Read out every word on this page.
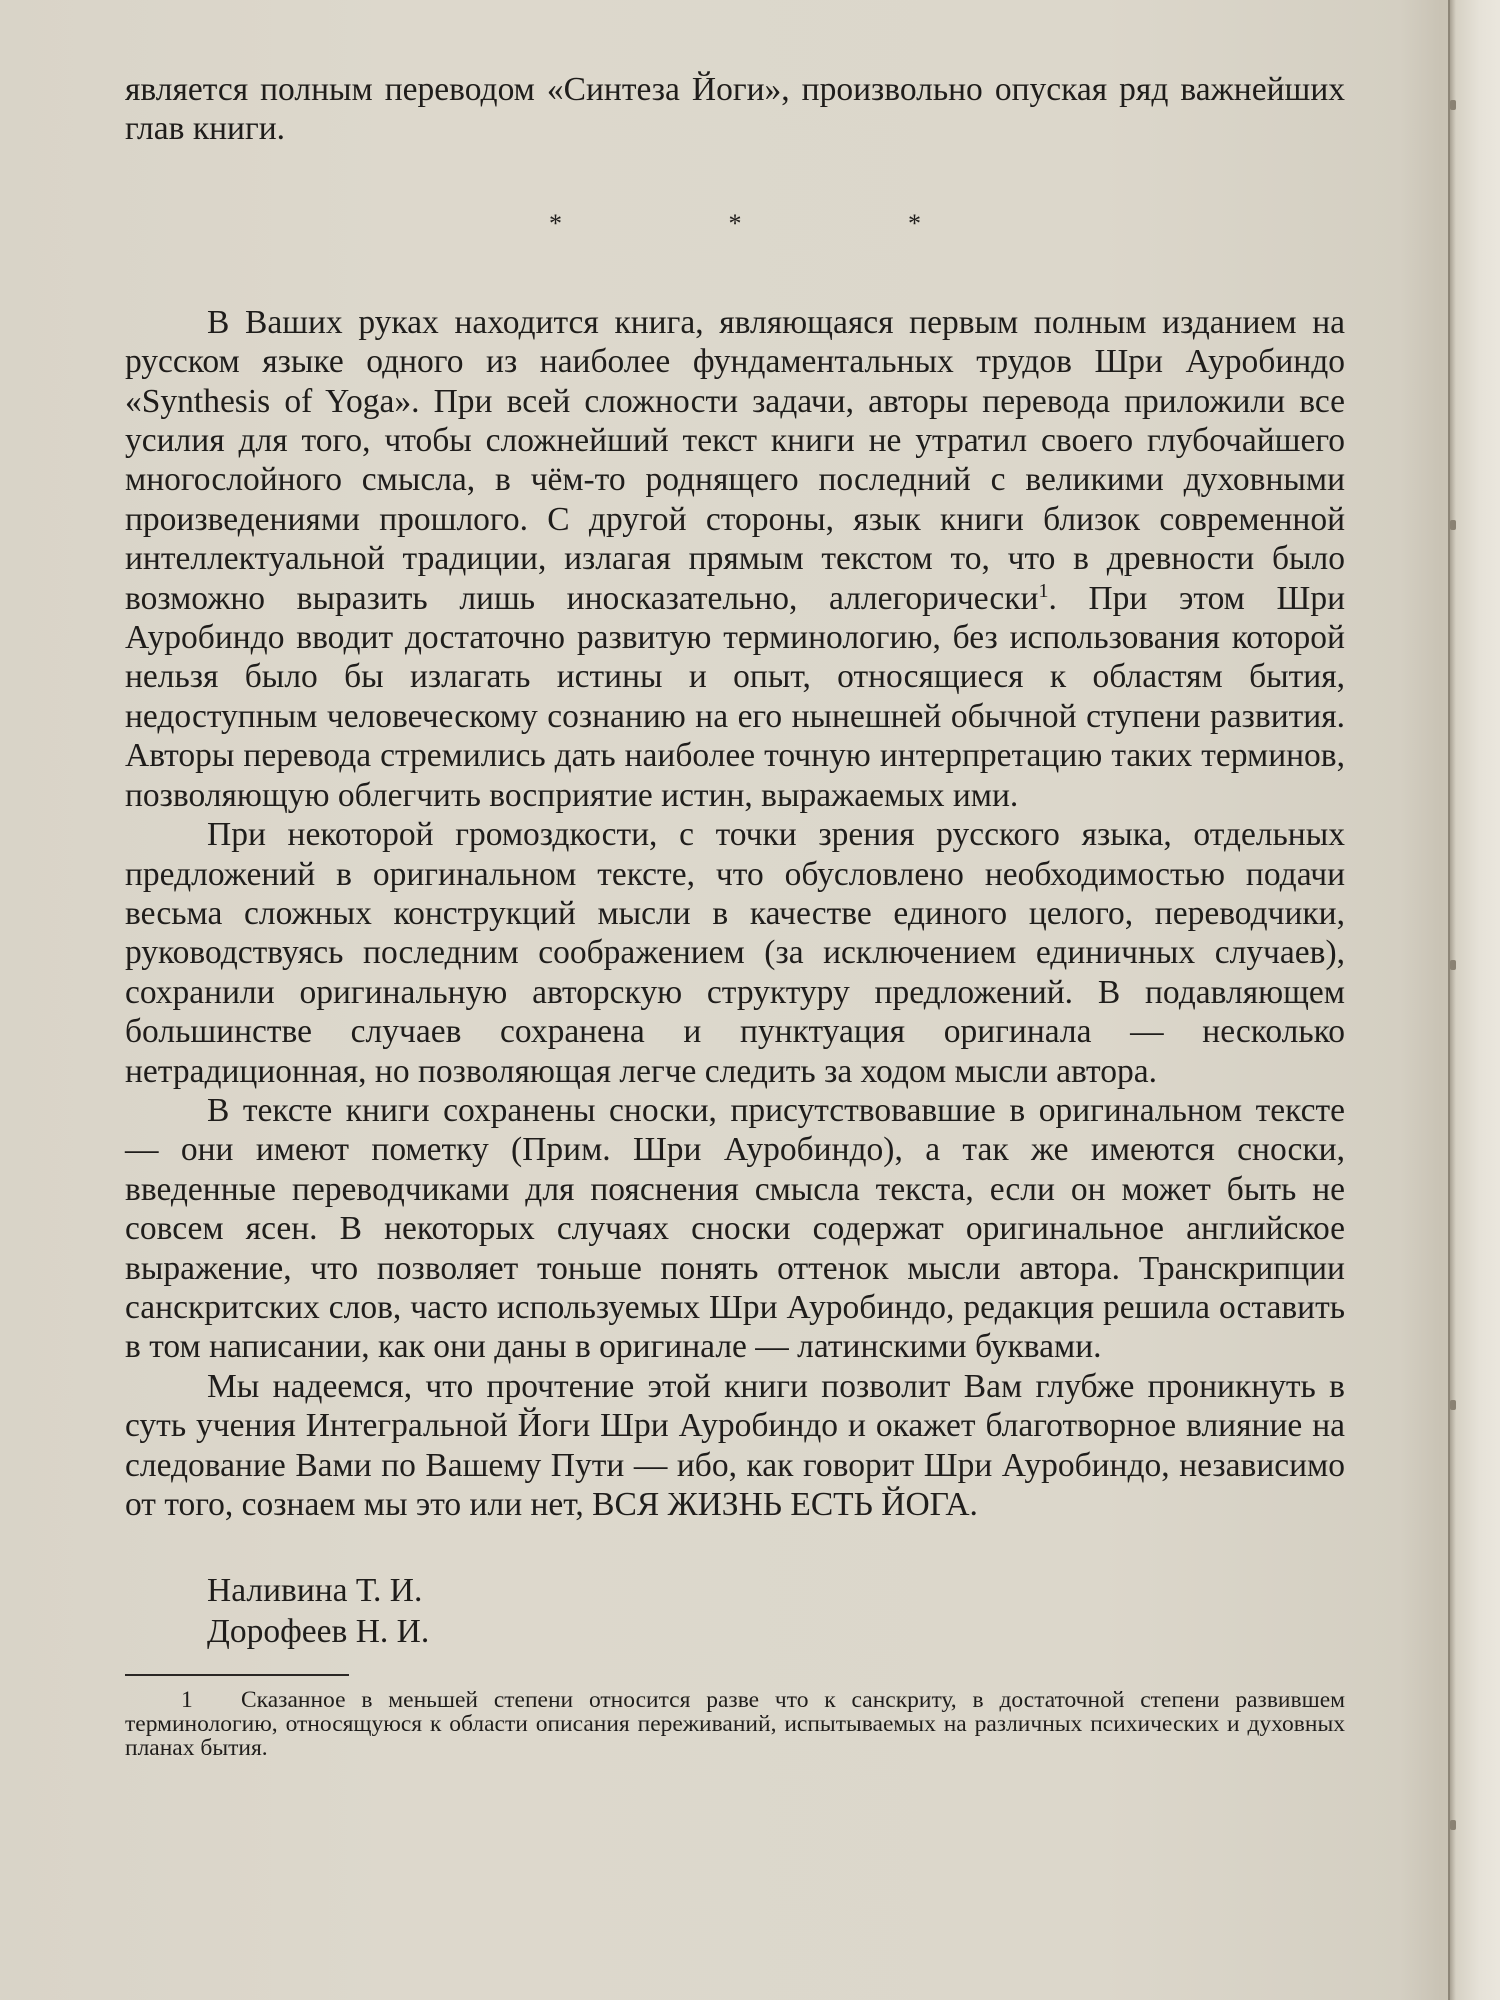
является полным переводом «Синтеза Йоги», произвольно опуская ряд важнейших глав книги.

* * *

В Ваших руках находится книга, являющаяся первым полным изданием на русском языке одного из наиболее фундаментальных трудов Шри Ауробиндо «Synthesis of Yoga». При всей сложности задачи, авторы перевода приложили все усилия для того, чтобы сложнейший текст книги не утратил своего глубочайшего многослойного смысла, в чём-то роднящего последний с великими духовными произведениями прошлого. С другой стороны, язык книги близок современной интеллектуальной традиции, излагая прямым текстом то, что в древности было возможно выразить лишь иносказательно, аллегорически$^1$. При этом Шри Ауробиндо вводит достаточно развитую терминологию, без использования которой нельзя было бы излагать истины и опыт, относящиеся к областям бытия, недоступным человеческому сознанию на его нынешней обычной ступени развития. Авторы перевода стремились дать наиболее точную интерпретацию таких терминов, позволяющую облегчить восприятие истин, выражаемых ими.

При некоторой громоздкости, с точки зрения русского языка, отдельных предложений в оригинальном тексте, что обусловлено необходимостью подачи весьма сложных конструкций мысли в качестве единого целого, переводчики, руководствуясь последним соображением (за исключением единичных случаев), сохранили оригинальную авторскую структуру предложений. В подавляющем большинстве случаев сохранена и пунктуация оригинала — несколько нетрадиционная, но позволяющая легче следить за ходом мысли автора.

В тексте книги сохранены сноски, присутствовавшие в оригинальном тексте — они имеют пометку (Прим. Шри Ауробиндо), а так же имеются сноски, введенные переводчиками для пояснения смысла текста, если он может быть не совсем ясен. В некоторых случаях сноски содержат оригинальное английское выражение, что позволяет тоньше понять оттенок мысли автора. Транскрипции санскритских слов, часто используемых Шри Ауробиндо, редакция решила оставить в том написании, как они даны в оригинале — латинскими буквами.

Мы надеемся, что прочтение этой книги позволит Вам глубже проникнуть в суть учения Интегральной Йоги Шри Ауробиндо и окажет благотворное влияние на следование Вами по Вашему Пути — ибо, как говорит Шри Ауробиндо, независимо от того, сознаем мы это или нет, ВСЯ ЖИЗНЬ ЕСТЬ ЙОГА.

Наливина Т. И.
Дорофеев Н. И.

1 Сказанное в меньшей степени относится разве что к санскриту, в достаточной степени развившем терминологию, относящуюся к области описания переживаний, испытываемых на различных психических и духовных планах бытия.
